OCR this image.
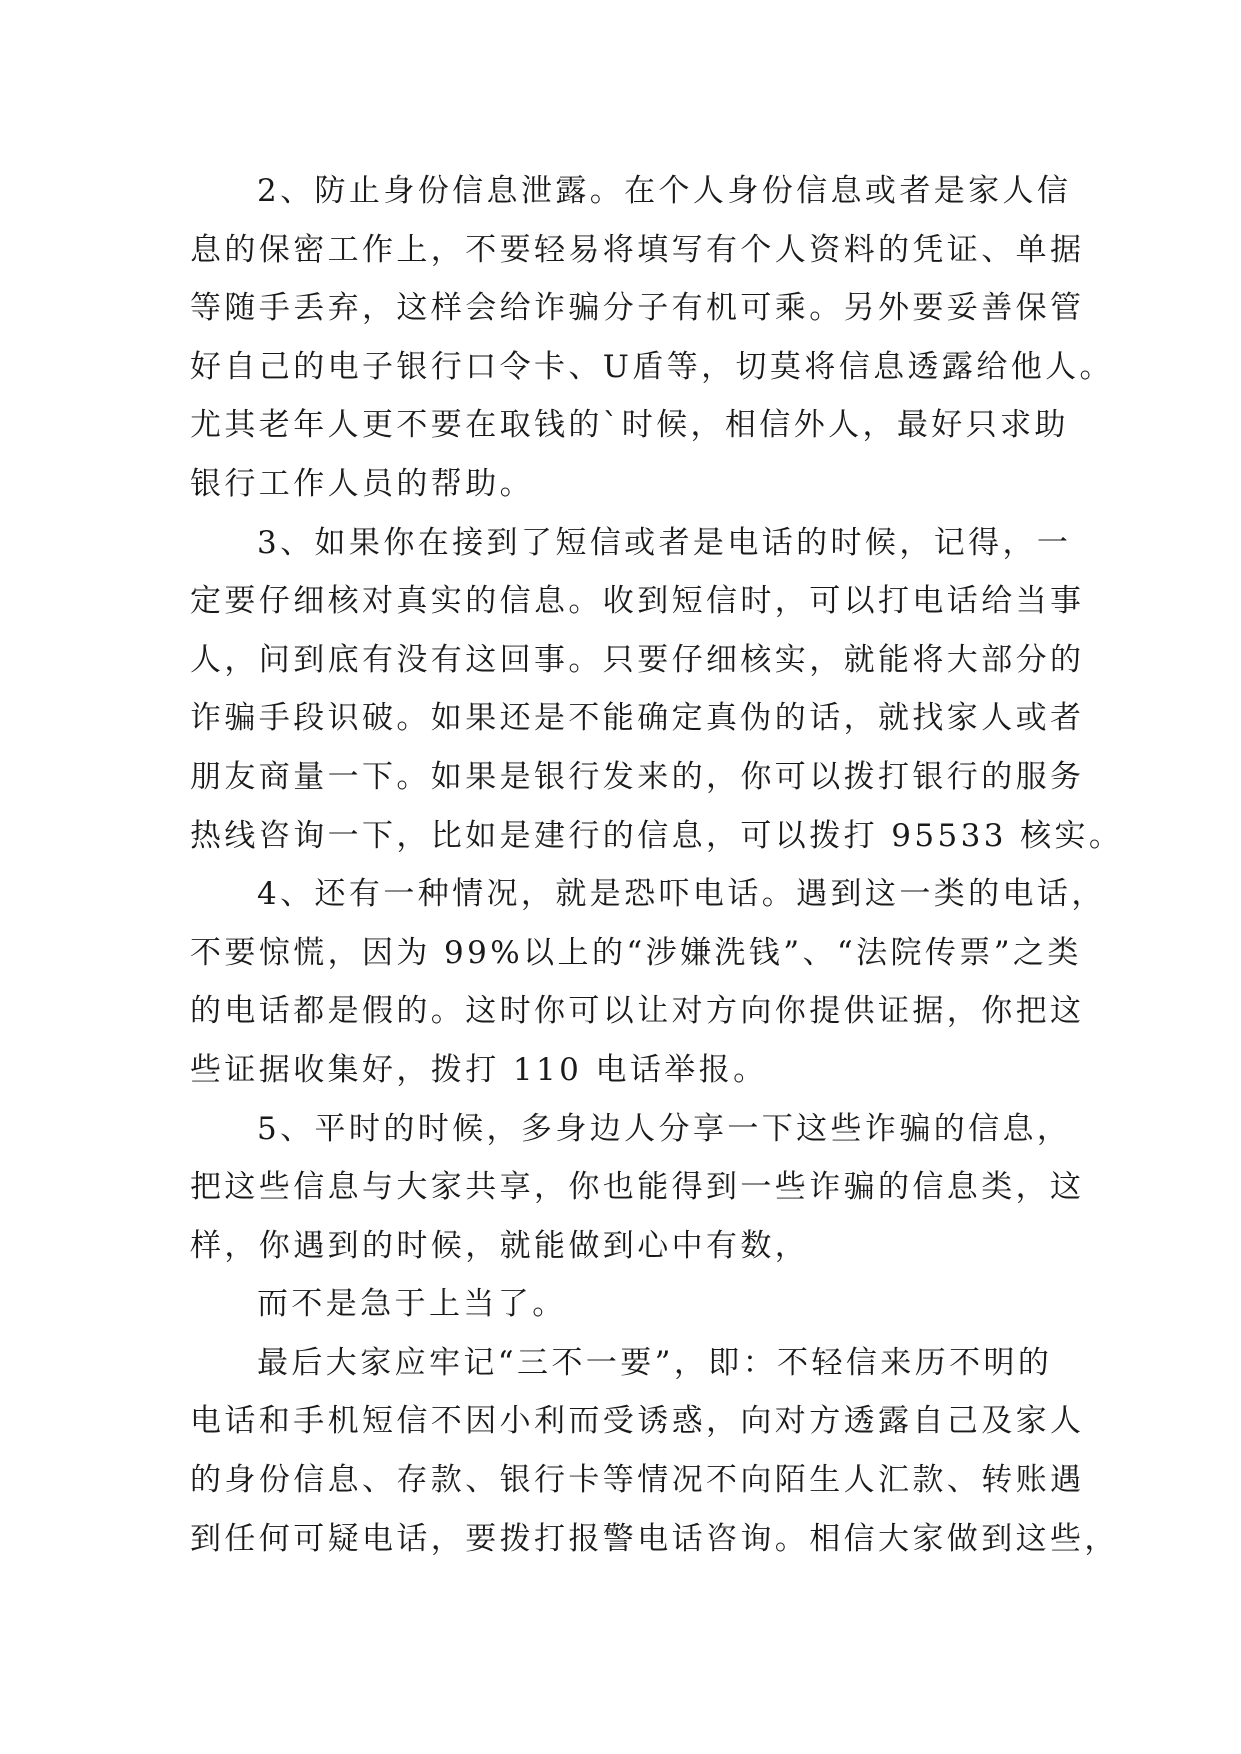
2、防止身份信息泄露。在个人身份信息或者是家人信

息的保密工作上，不要轻易将填写有个人资料的凭证、单据

等随手丢弃，这样会给诈骗分子有机可乘。另外要妥善保管

好自己的电子银行口令卡、U盾等，切莫将信息透露给他人。

尤其老年人更不要在取钱的`时候，相信外人，最好只求助

银行工作人员的帮助。

3、如果你在接到了短信或者是电话的时候，记得，一

定要仔细核对真实的信息。收到短信时，可以打电话给当事

人，问到底有没有这回事。只要仔细核实，就能将大部分的

诈骗手段识破。如果还是不能确定真伪的话，就找家人或者

朋友商量一下。如果是银行发来的，你可以拨打银行的服务

热线咨询一下，比如是建行的信息，可以拨打 95533 核实。

4、还有一种情况，就是恐吓电话。遇到这一类的电话，

不要惊慌，因为 99%以上的“涉嫌洗钱”、“法院传票”之类

的电话都是假的。这时你可以让对方向你提供证据，你把这

些证据收集好，拨打 110 电话举报。

5、平时的时候，多身边人分享一下这些诈骗的信息，

把这些信息与大家共享，你也能得到一些诈骗的信息类，这

样，你遇到的时候，就能做到心中有数，

而不是急于上当了。

最后大家应牢记“三不一要”，即：不轻信来历不明的

电话和手机短信不因小利而受诱惑，向对方透露自己及家人

的身份信息、存款、银行卡等情况不向陌生人汇款、转账遇

到任何可疑电话，要拨打报警电话咨询。相信大家做到这些，
